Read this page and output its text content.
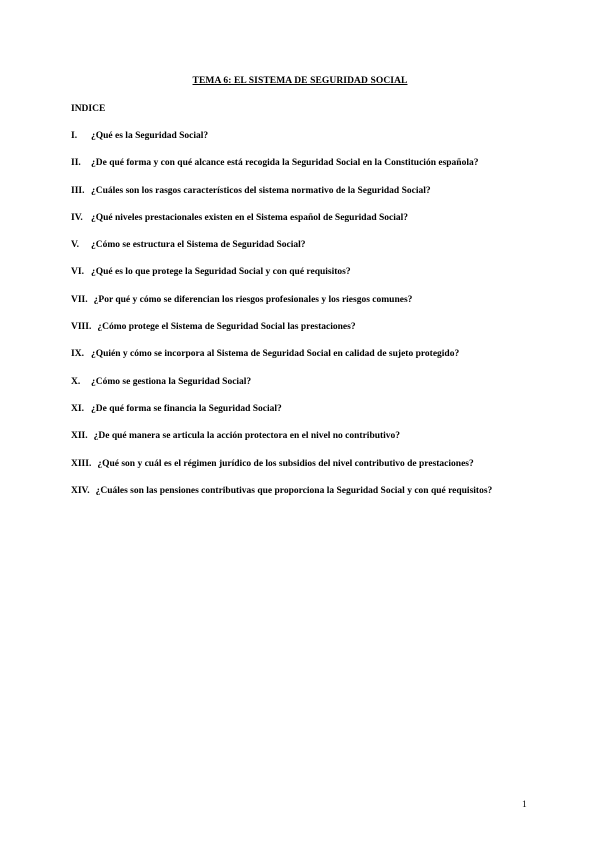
TEMA 6: EL SISTEMA DE SEGURIDAD SOCIAL
INDICE
I . ¿Qué es la Seguridad Social?
II . ¿De qué forma y con qué alcance está recogida la Seguridad Social en la Constitución española?
III . ¿Cuáles son los rasgos característicos del sistema normativo de la Seguridad Social?
IV . ¿Qué niveles prestacionales existen en el Sistema español de Seguridad Social?
V . ¿Cómo se estructura el Sistema de Seguridad Social?
VI . ¿Qué es lo que protege la Seguridad Social y con qué requisitos?
VII . ¿Por qué y cómo se diferencian los riesgos profesionales y los riesgos comunes?
VIII . ¿Cómo protege el Sistema de Seguridad Social las prestaciones?
IX . ¿Quién y cómo se incorpora al Sistema de Seguridad Social en calidad de sujeto protegido?
X . ¿Cómo se gestiona la Seguridad Social?
XI . ¿De qué forma se financia la Seguridad Social?
XII . ¿De qué manera se articula la acción protectora en el nivel no contributivo?
XIII . ¿Qué son y cuál es el régimen jurídico de los subsidios del nivel contributivo de prestaciones?
XIV . ¿Cuáles son las pensiones contributivas que proporciona la Seguridad Social y con qué requisitos?
1
